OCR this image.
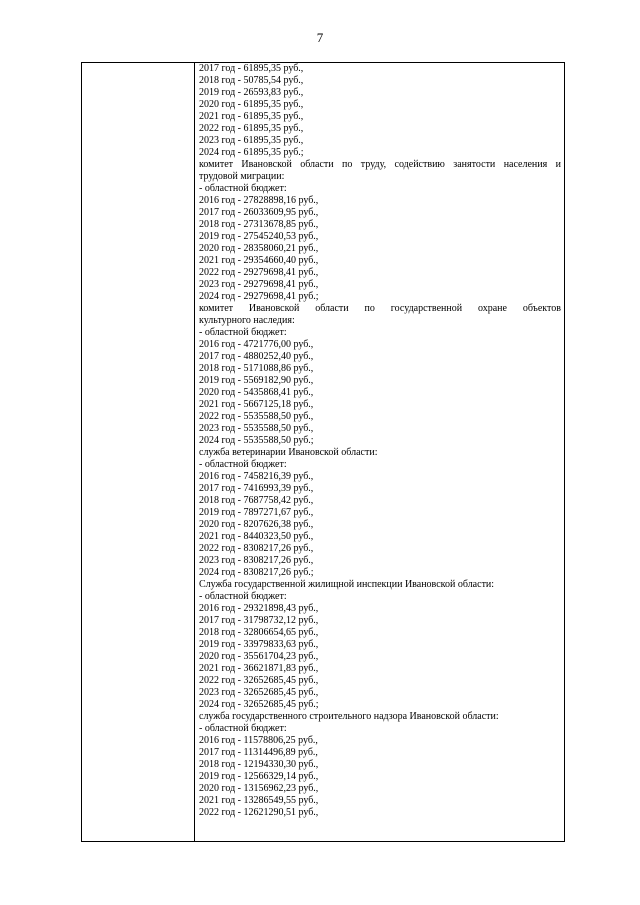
7
2017 год - 61895,35 руб.,
2018 год - 50785,54 руб.,
2019 год - 26593,83 руб.,
2020 год - 61895,35 руб.,
2021 год - 61895,35 руб.,
2022 год - 61895,35 руб.,
2023 год - 61895,35 руб.,
2024 год - 61895,35 руб.;
комитет Ивановской области по труду, содействию занятости населения и
трудовой миграции:
- областной бюджет:
2016 год - 27828898,16 руб.,
2017 год - 26033609,95 руб.,
2018 год - 27313678,85 руб.,
2019 год - 27545240,53 руб.,
2020 год - 28358060,21 руб.,
2021 год - 29354660,40 руб.,
2022 год - 29279698,41 руб.,
2023 год - 29279698,41 руб.,
2024 год - 29279698,41 руб.;
комитет Ивановской области по государственной охране объектов
культурного наследия:
- областной бюджет:
2016 год - 4721776,00 руб.,
2017 год - 4880252,40 руб.,
2018 год - 5171088,86 руб.,
2019 год - 5569182,90 руб.,
2020 год - 5435868,41 руб.,
2021 год - 5667125,18 руб.,
2022 год - 5535588,50 руб.,
2023 год - 5535588,50 руб.,
2024 год - 5535588,50 руб.;
служба ветеринарии Ивановской области:
- областной бюджет:
2016 год - 7458216,39 руб.,
2017 год - 7416993,39 руб.,
2018 год - 7687758,42 руб.,
2019 год - 7897271,67 руб.,
2020 год - 8207626,38 руб.,
2021 год - 8440323,50 руб.,
2022 год - 8308217,26 руб.,
2023 год - 8308217,26 руб.,
2024 год - 8308217,26 руб.;
Служба государственной жилищной инспекции Ивановской области:
- областной бюджет:
2016 год - 29321898,43 руб.,
2017 год - 31798732,12 руб.,
2018 год - 32806654,65 руб.,
2019 год - 33979833,63 руб.,
2020 год - 35561704,23 руб.,
2021 год - 36621871,83 руб.,
2022 год - 32652685,45 руб.,
2023 год - 32652685,45 руб.,
2024 год - 32652685,45 руб.;
служба государственного строительного надзора Ивановской области:
- областной бюджет:
2016 год - 11578806,25 руб.,
2017 год - 11314496,89 руб.,
2018 год - 12194330,30 руб.,
2019 год - 12566329,14 руб.,
2020 год - 13156962,23 руб.,
2021 год - 13286549,55 руб.,
2022 год - 12621290,51 руб.,
